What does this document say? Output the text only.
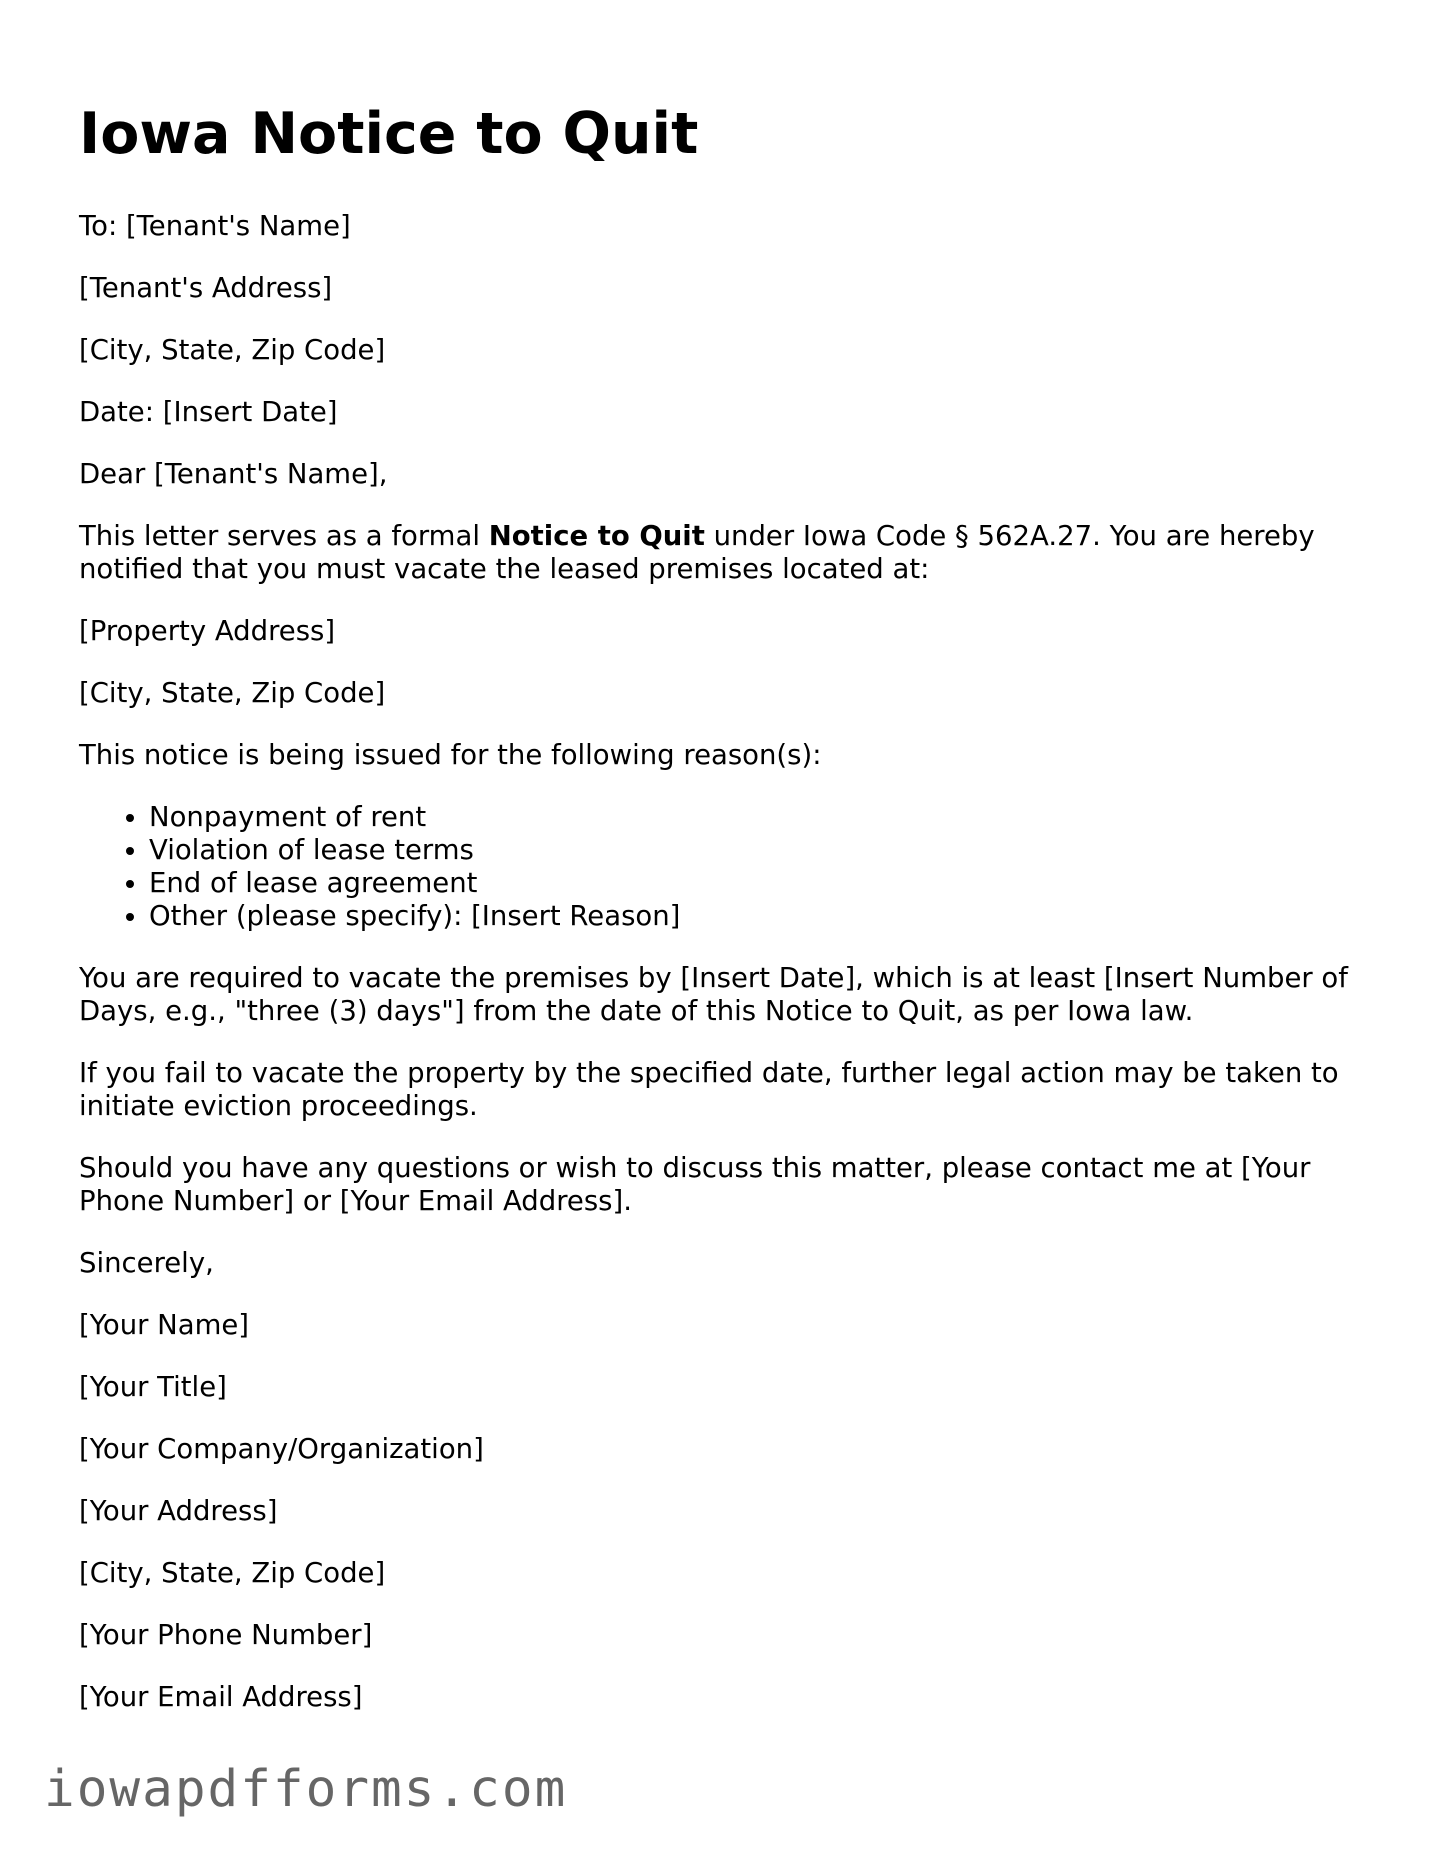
Iowa Notice to Quit

To: [Tenant's Name]

[Tenant's Address]

[City, State, Zip Code]

Date: [Insert Date]

Dear [Tenant's Name],

This letter serves as a formal Notice to Quit under Iowa Code § 562A.27. You are hereby notified that you must vacate the leased premises located at:

[Property Address]

[City, State, Zip Code]

This notice is being issued for the following reason(s):

• Nonpayment of rent
• Violation of lease terms
• End of lease agreement
• Other (please specify): [Insert Reason]

You are required to vacate the premises by [Insert Date], which is at least [Insert Number of Days, e.g., "three (3) days"] from the date of this Notice to Quit, as per Iowa law.

If you fail to vacate the property by the specified date, further legal action may be taken to initiate eviction proceedings.

Should you have any questions or wish to discuss this matter, please contact me at [Your Phone Number] or [Your Email Address].

Sincerely,

[Your Name]

[Your Title]

[Your Company/Organization]

[Your Address]

[City, State, Zip Code]

[Your Phone Number]

[Your Email Address]

iowapdfforms.com
